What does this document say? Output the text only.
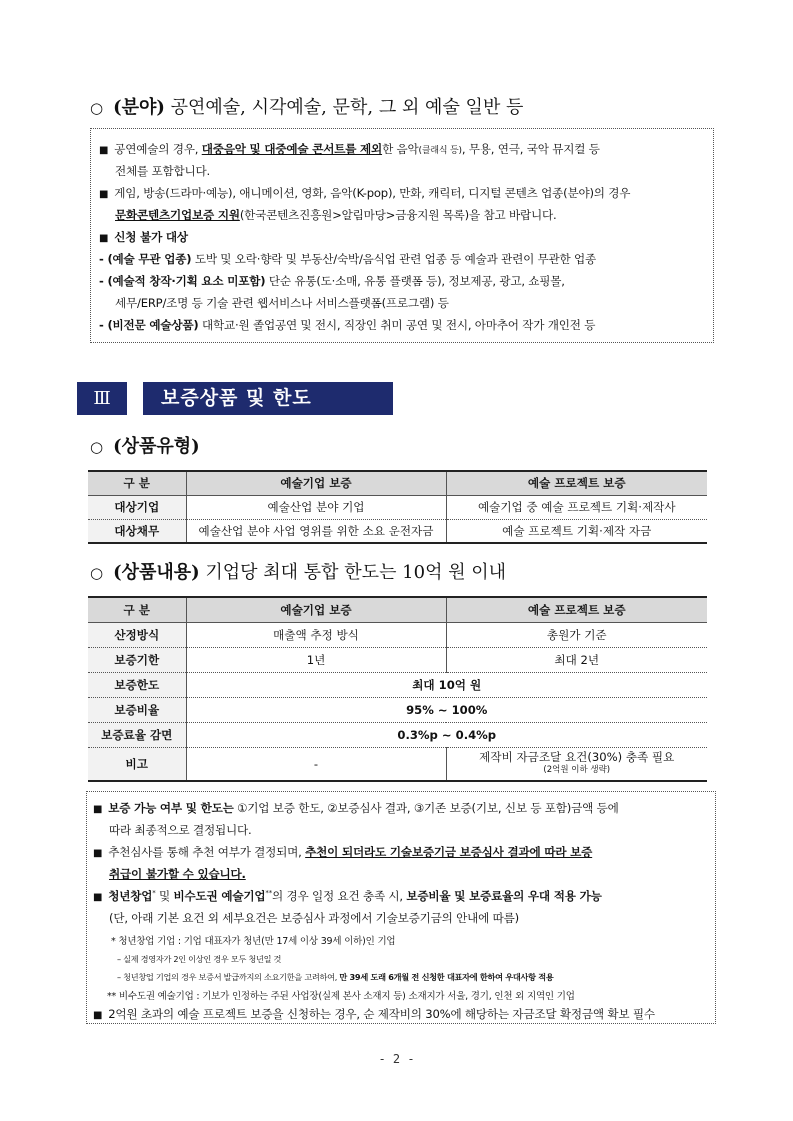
○ (분야) 공연예술, 시각예술, 문학, 그 외 예술 일반 등
■ 공연예술의 경우, 대중음악 및 대중예술 콘서트를 제외한 음악(클래식 등), 무용, 연극, 국악 뮤지컬 등
전체를 포함합니다.
■ 게임, 방송(드라마·예능), 애니메이션, 영화, 음악(K-pop), 만화, 캐릭터, 디지털 콘텐츠 업종(분야)의 경우
문화콘텐츠기업보증 지원(한국콘텐츠진흥원>알림마당>금융지원 목록)을 참고 바랍니다.
■ 신청 불가 대상
- (예술 무관 업종) 도박 및 오락·향락 및 부동산/숙박/음식업 관련 업종 등 예술과 관련이 무관한 업종
- (예술적 창작·기획 요소 미포함) 단순 유통(도·소매, 유통 플랫폼 등), 정보제공, 광고, 쇼핑몰,
세무/ERP/조명 등 기술 관련 웹서비스나 서비스플랫폼(프로그램) 등
- (비전문 예술상품) 대학교·원 졸업공연 및 전시, 직장인 취미 공연 및 전시, 아마추어 작가 개인전 등
Ⅲ	보증상품 및 한도
○ (상품유형)
구 분	예술기업 보증	예술 프로젝트 보증
대상기업	예술산업 분야 기업	예술기업 중 예술 프로젝트 기획·제작사
대상채무	예술산업 분야 사업 영위를 위한 소요 운전자금	예술 프로젝트 기획·제작 자금
○ (상품내용) 기업당 최대 통합 한도는 10억 원 이내
구 분	예술기업 보증	예술 프로젝트 보증
산정방식	매출액 추정 방식	총원가 기준
보증기한	1년	최대 2년
보증한도	최대 10억 원	
보증비율	95% ~ 100%	
보증료율 감면	0.3%p ~ 0.4%p	
비고	-	제작비 자금조달 요건(30%) 충족 필요
(2억원 이하 생략)
■ 보증 가능 여부 및 한도는 ①기업 보증 한도, ②보증심사 결과, ③기존 보증(기보, 신보 등 포함)금액 등에
따라 최종적으로 결정됩니다.
■ 추천심사를 통해 추천 여부가 결정되며, 추천이 되더라도 기술보증기금 보증심사 결과에 따라 보증
취급이 불가할 수 있습니다.
■ 청년창업* 및 비수도권 예술기업**의 경우 일정 요건 충족 시, 보증비율 및 보증료율의 우대 적용 가능
(단, 아래 기본 요건 외 세부요건은 보증심사 과정에서 기술보증기금의 안내에 따름)
* 청년창업 기업 : 기업 대표자가 청년(만 17세 이상 39세 이하)인 기업
– 실제 경영자가 2인 이상인 경우 모두 청년일 것
– 청년창업 기업의 경우 보증서 발급까지의 소요기한을 고려하여, 만 39세 도래 6개월 전 신청한 대표자에 한하여 우대사항 적용
** 비수도권 예술기업 : 기보가 인정하는 주된 사업장(실제 본사 소재지 등) 소재지가 서울, 경기, 인천 외 지역인 기업
■ 2억원 초과의 예술 프로젝트 보증을 신청하는 경우, 순 제작비의 30%에 해당하는 자금조달 확정금액 확보 필수
- 2 -
